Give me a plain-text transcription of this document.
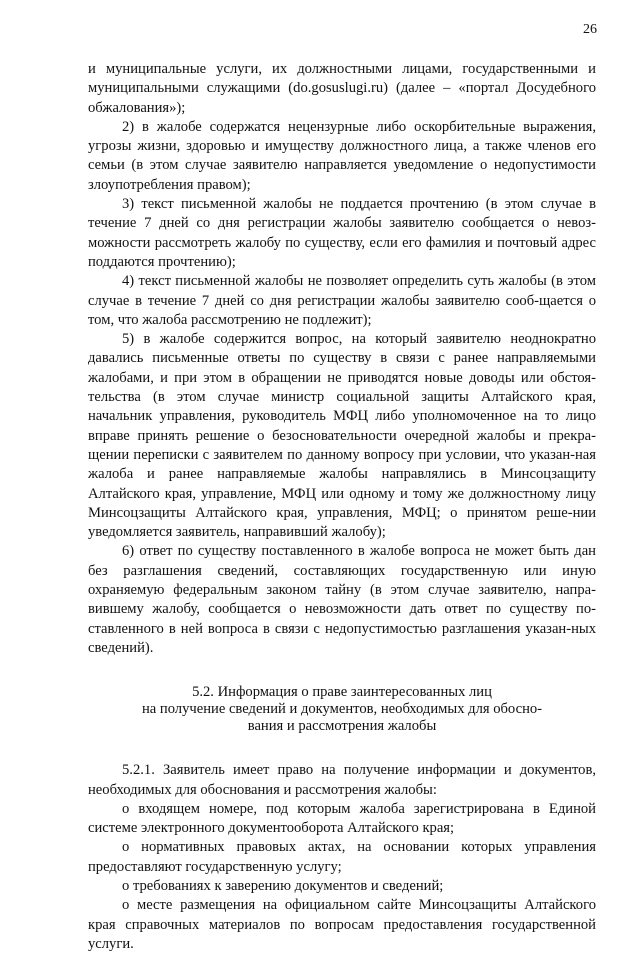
26

и муниципальные услуги, их должностными лицами, государственными и муниципальными служащими (do.gosuslugi.ru) (далее – «портал Досудебного обжалования»);

2) в жалобе содержатся нецензурные либо оскорбительные выражения, угрозы жизни, здоровью и имуществу должностного лица, а также членов его семьи (в этом случае заявителю направляется уведомление о недопустимости злоупотребления правом);

3) текст письменной жалобы не поддается прочтению (в этом случае в течение 7 дней со дня регистрации жалобы заявителю сообщается о невоз-можности рассмотреть жалобу по существу, если его фамилия и почтовый адрес поддаются прочтению);

4) текст письменной жалобы не позволяет определить суть жалобы (в этом случае в течение 7 дней со дня регистрации жалобы заявителю сооб-щается о том, что жалоба рассмотрению не подлежит);

5) в жалобе содержится вопрос, на который заявителю неоднократно давались письменные ответы по существу в связи с ранее направляемыми жалобами, и при этом в обращении не приводятся новые доводы или обстоя-тельства (в этом случае министр социальной защиты Алтайского края, начальник управления, руководитель МФЦ либо уполномоченное на то лицо вправе принять решение о безосновательности очередной жалобы и прекра-щении переписки с заявителем по данному вопросу при условии, что указан-ная жалоба и ранее направляемые жалобы направлялись в Минсоцзащиту Алтайского края, управление, МФЦ или одному и тому же должностному лицу Минсоцзащиты Алтайского края, управления, МФЦ; о принятом реше-нии уведомляется заявитель, направивший жалобу);

6) ответ по существу поставленного в жалобе вопроса не может быть дан без разглашения сведений, составляющих государственную или иную охраняемую федеральным законом тайну (в этом случае заявителю, напра-вившему жалобу, сообщается о невозможности дать ответ по существу по-ставленного в ней вопроса в связи с недопустимостью разглашения указан-ных сведений).

5.2. Информация о праве заинтересованных лиц
на получение сведений и документов, необходимых для обосно-
вания и рассмотрения жалобы

5.2.1. Заявитель имеет право на получение информации и документов, необходимых для обоснования и рассмотрения жалобы:

о входящем номере, под которым жалоба зарегистрирована в Единой системе электронного документооборота Алтайского края;

о нормативных правовых актах, на основании которых управления предоставляют государственную услугу;

о требованиях к заверению документов и сведений;

о месте размещения на официальном сайте Минсоцзащиты Алтайского края справочных материалов по вопросам предоставления государственной услуги.
